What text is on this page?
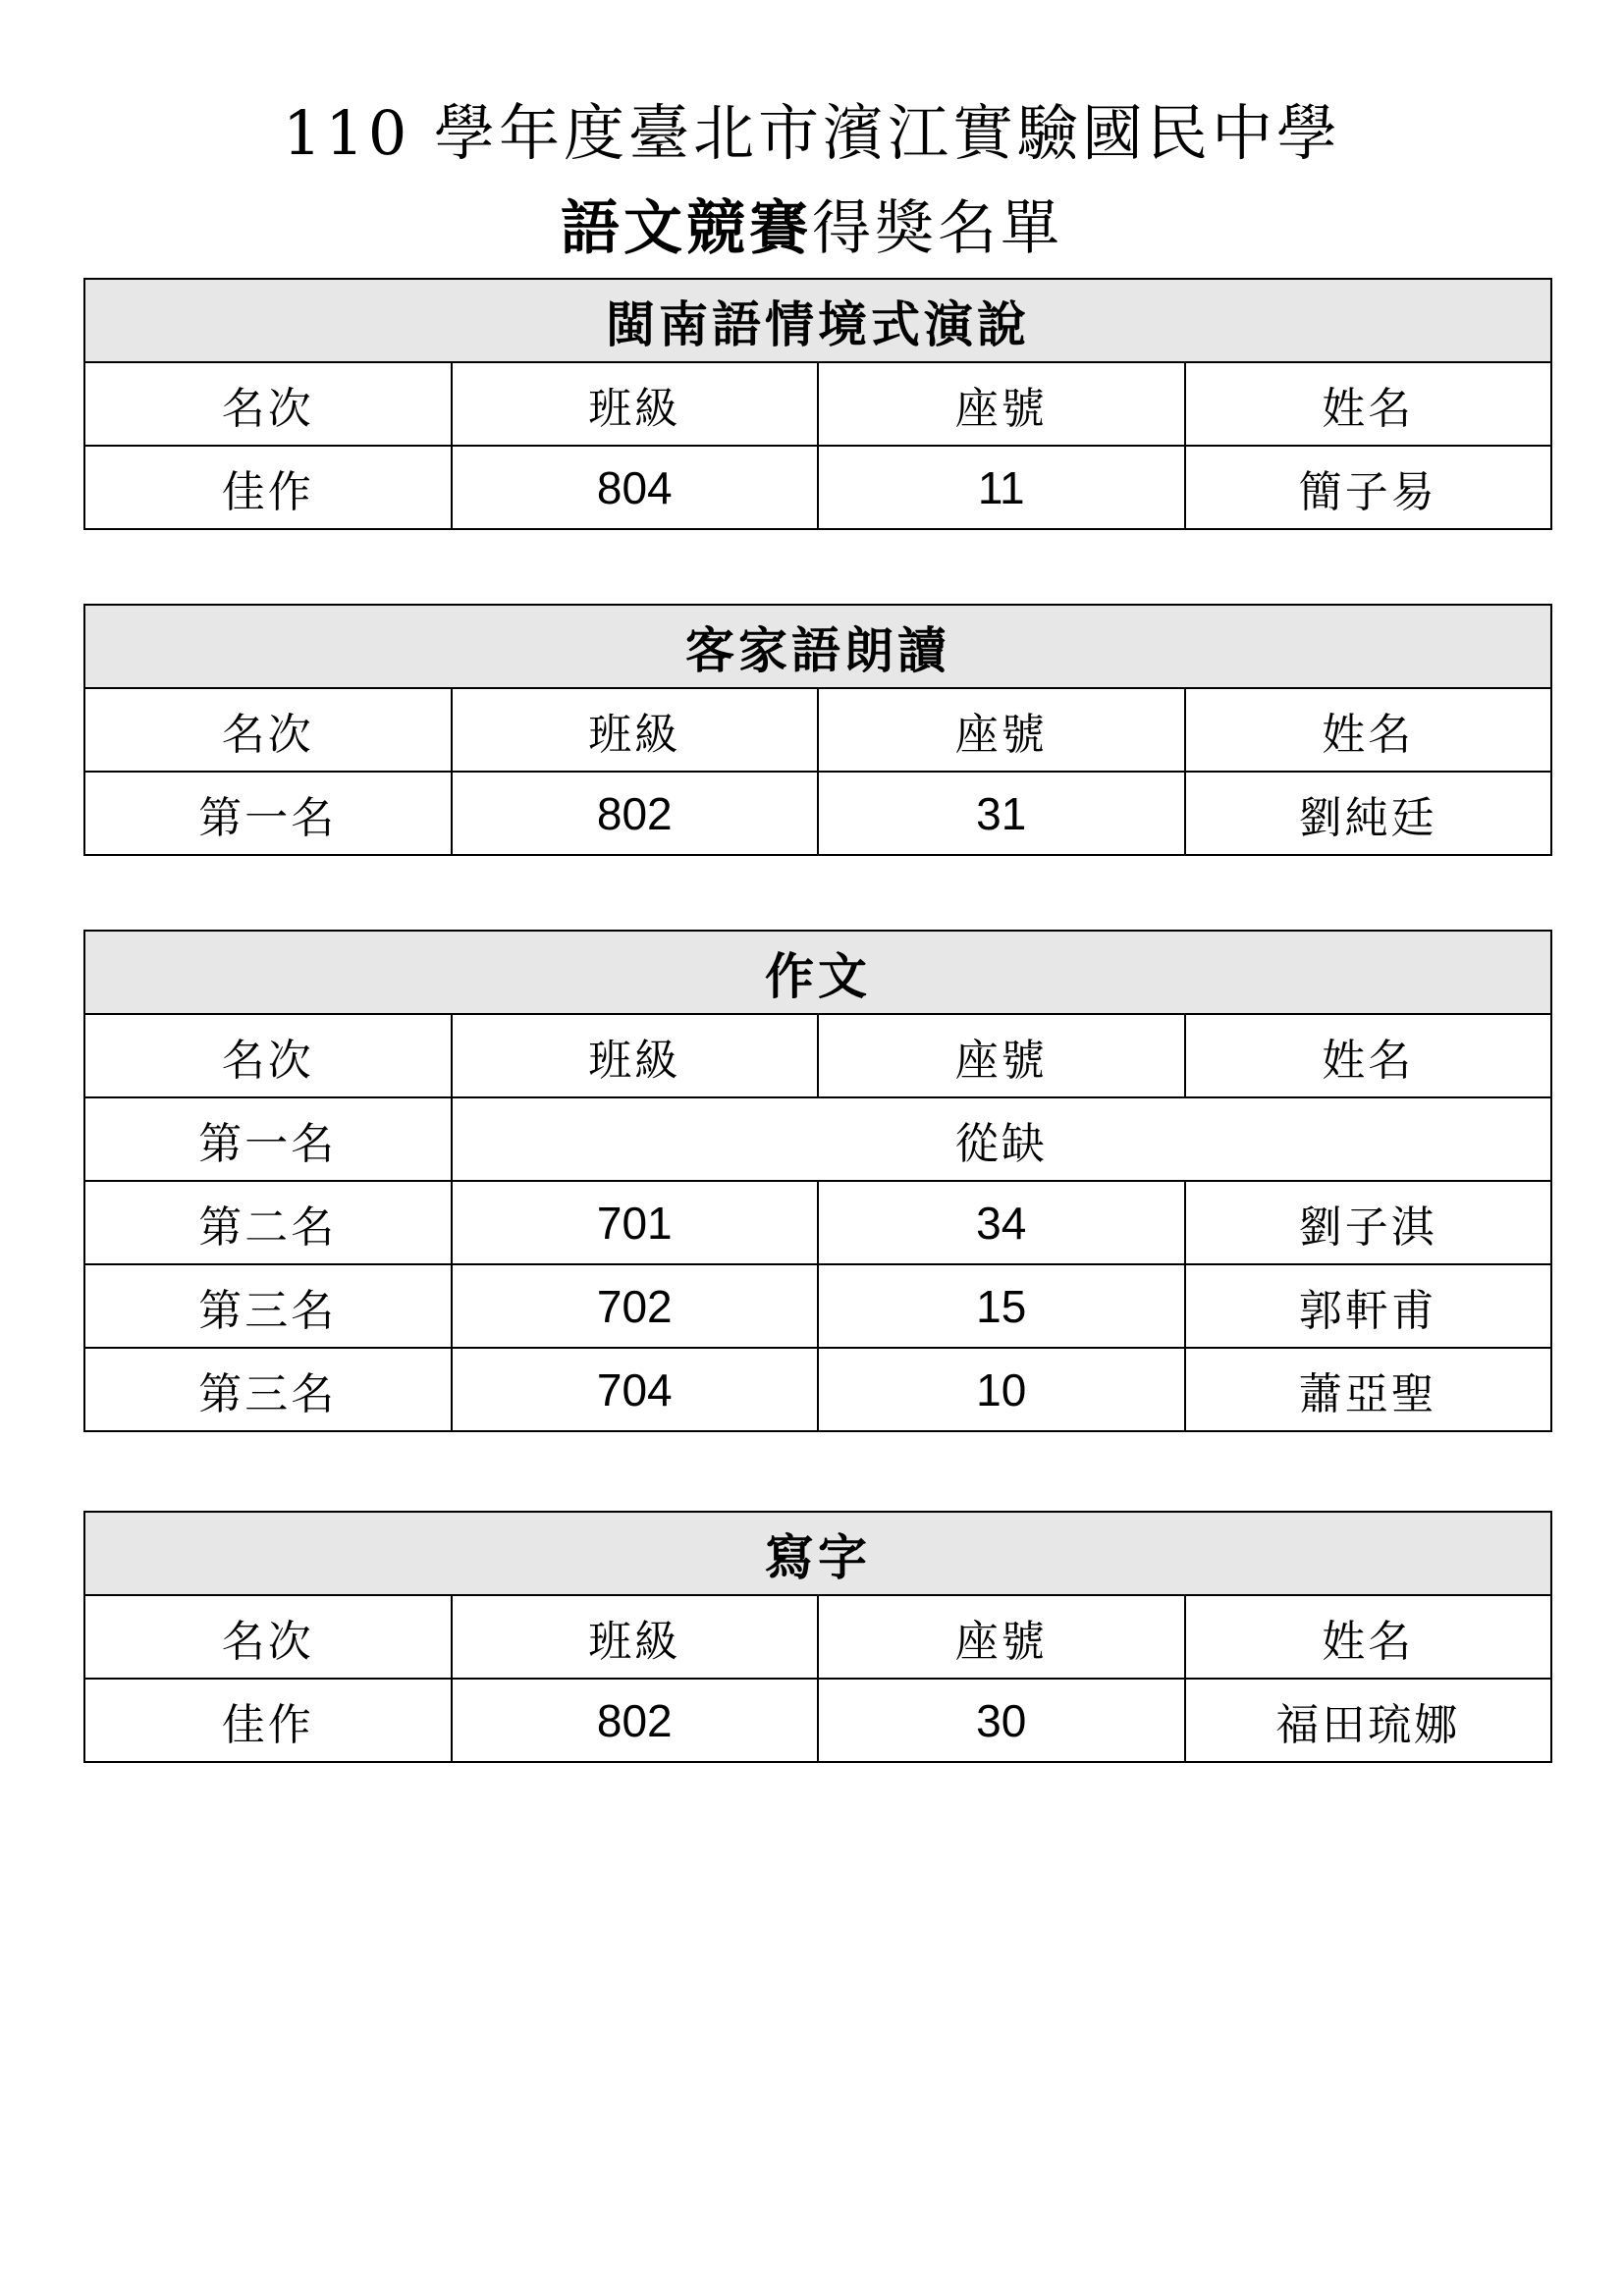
110 學年度臺北市濱江實驗國民中學
語文競賽得獎名單
閩南語情境式演說			
名次	班級	座號	姓名
佳作	804	11	簡子易
客家語朗讀			
名次	班級	座號	姓名
第一名	802	31	劉純廷
作文			
名次	班級	座號	姓名
第一名	從缺		
第二名	701	34	劉子淇
第三名	702	15	郭軒甫
第三名	704	10	蕭亞聖
寫字			
名次	班級	座號	姓名
佳作	802	30	福田琉娜
